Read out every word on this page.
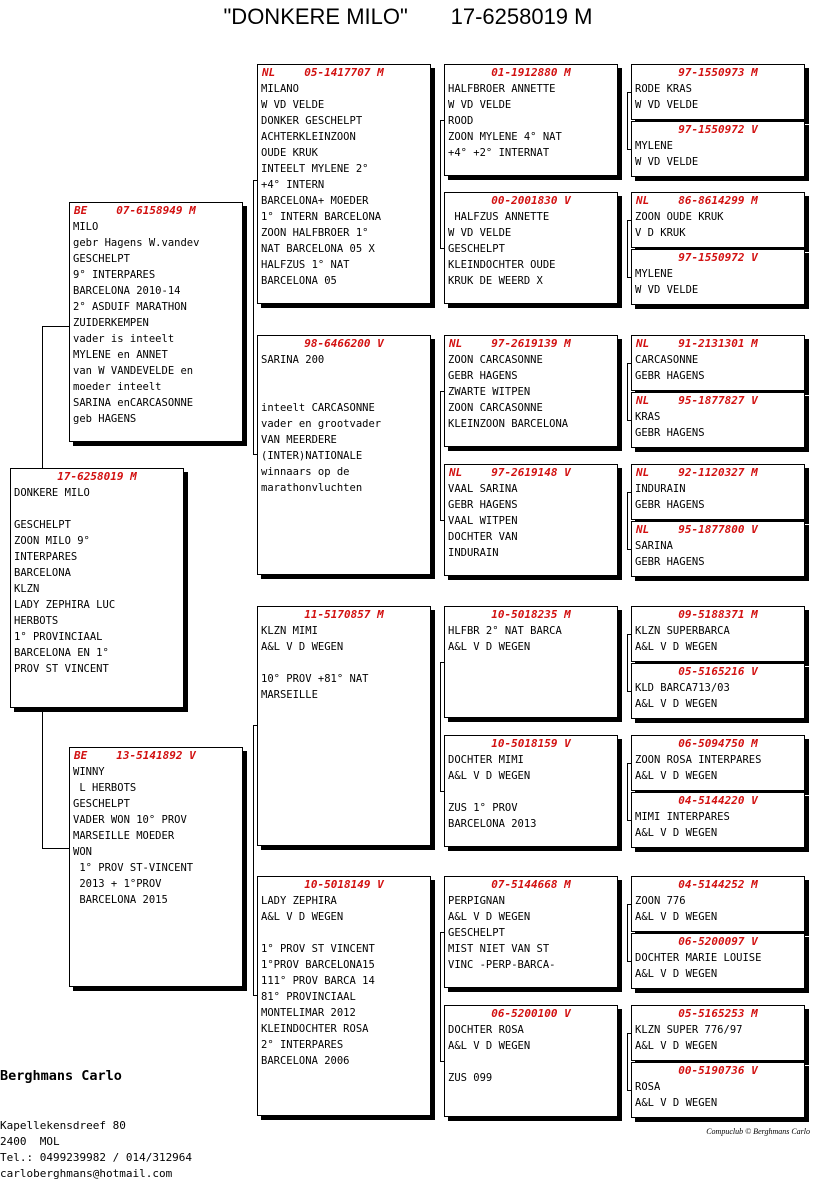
"DONKERE MILO"       17-6258019 M
17-6258019 M
DONKERE MILO

GESCHELPT
ZOON MILO 9°
INTERPARES
BARCELONA
KLZN
LADY ZEPHIRA LUC
HERBOTS
1° PROVINCIAAL
BARCELONA EN 1°
PROV ST VINCENT
BE	07-6158949 M
MILO
gebr Hagens W.vandev
GESCHELPT
9° INTERPARES
BARCELONA 2010-14
2° ASDUIF MARATHON
ZUIDERKEMPEN
vader is inteelt
MYLENE en ANNET
van W VANDEVELDE en
moeder inteelt
SARINA enCARCASONNE
geb HAGENS
BE	13-5141892 V
WINNY
L HERBOTS
GESCHELPT
VADER WON 10° PROV
MARSEILLE MOEDER
WON
1° PROV ST-VINCENT
2013 + 1°PROV
BARCELONA 2015
NL	05-1417707 M
MILANO
W VD VELDE
DONKER GESCHELPT
ACHTERKLEINZOON
OUDE KRUK
INTEELT MYLENE 2°
+4° INTERN
BARCELONA+ MOEDER
1° INTERN BARCELONA
ZOON HALFBROER 1°
NAT BARCELONA 05 X
HALFZUS 1° NAT
BARCELONA 05
98-6466200 V
SARINA 200

inteelt CARCASONNE
vader en grootvader
VAN MEERDERE
(INTER)NATIONALE
winnaars op de
marathonvluchten
11-5170857 M
KLZN MIMI
A&L V D WEGEN

10° PROV +81° NAT
MARSEILLE
10-5018149 V
LADY ZEPHIRA
A&L V D WEGEN

1° PROV ST VINCENT
1°PROV BARCELONA15
111° PROV BARCA 14
81° PROVINCIAAL
MONTELIMAR 2012
KLEINDOCHTER ROSA
2° INTERPARES
BARCELONA 2006
01-1912880 M
HALFBROER ANNETTE
W VD VELDE
ROOD
ZOON MYLENE 4° NAT
+4° +2° INTERNAT
00-2001830 V
HALFZUS ANNETTE
W VD VELDE
GESCHELPT
KLEINDOCHTER OUDE
KRUK DE WEERD X
NL	97-2619139 M
ZOON CARCASONNE
GEBR HAGENS
ZWARTE WITPEN
ZOON CARCASONNE
KLEINZOON BARCELONA
NL	97-2619148 V
VAAL SARINA
GEBR HAGENS
VAAL WITPEN
DOCHTER VAN
INDURAIN
10-5018235 M
HLFBR 2° NAT BARCA
A&L V D WEGEN
10-5018159 V
DOCHTER MIMI
A&L V D WEGEN

ZUS 1° PROV
BARCELONA 2013
07-5144668 M
PERPIGNAN
A&L V D WEGEN
GESCHELPT
MIST NIET VAN ST
VINC -PERP-BARCA-
06-5200100 V
DOCHTER ROSA
A&L V D WEGEN

ZUS 099
97-1550973 M
RODE KRAS
W VD VELDE
97-1550972 V
MYLENE
W VD VELDE
NL	86-8614299 M
ZOON OUDE KRUK
V D KRUK
97-1550972 V
MYLENE
W VD VELDE
NL	91-2131301 M
CARCASONNE
GEBR HAGENS
NL	95-1877827 V
KRAS
GEBR HAGENS
NL	92-1120327 M
INDURAIN
GEBR HAGENS
NL	95-1877800 V
SARINA
GEBR HAGENS
09-5188371 M
KLZN SUPERBARCA
A&L V D WEGEN
05-5165216 V
KLD BARCA713/03
A&L V D WEGEN
06-5094750 M
ZOON ROSA INTERPARES
A&L V D WEGEN
04-5144220 V
MIMI INTERPARES
A&L V D WEGEN
04-5144252 M
ZOON 776
A&L V D WEGEN
06-5200097 V
DOCHTER MARIE LOUISE
A&L V D WEGEN
05-5165253 M
KLZN SUPER 776/97
A&L V D WEGEN
00-5190736 V
ROSA
A&L V D WEGEN

Berghmans Carlo

Kapellekensdreef 80
2400  MOL
Tel.: 0499239982 / 014/312964
carloberghmans@hotmail.com

Compuclub © Berghmans Carlo
